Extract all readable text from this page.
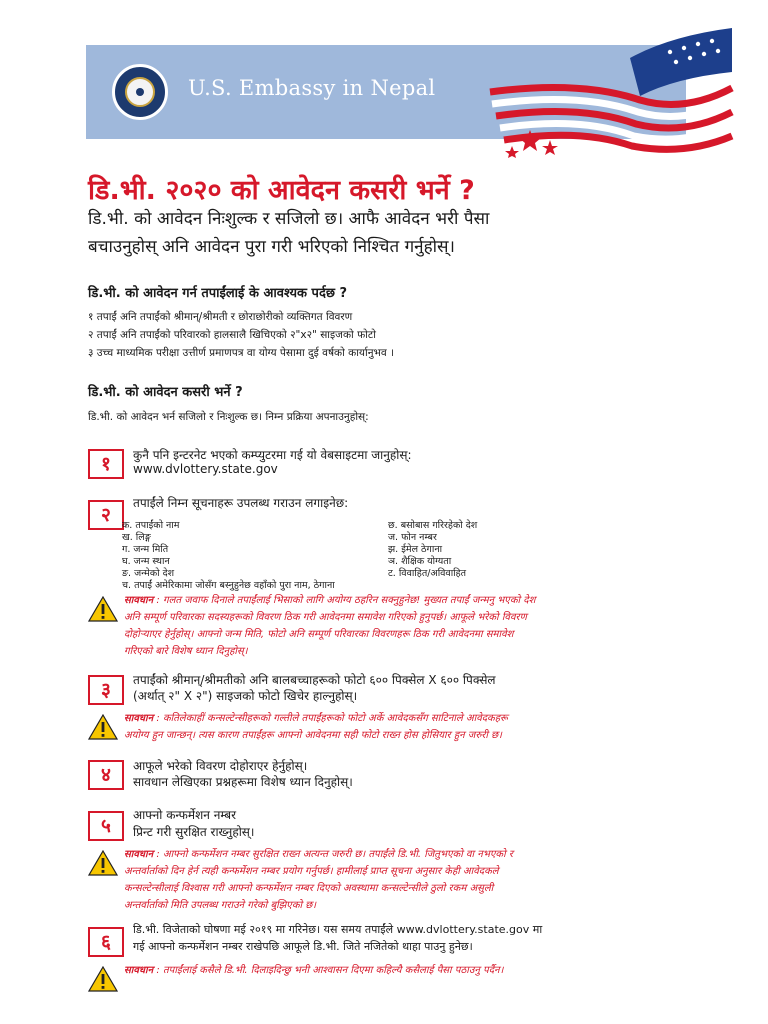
U.S. Embassy in Nepal
डि.भी. २०२० को आवेदन कसरी भर्ने ?
डि.भी. को आवेदन निःशुल्क र सजिलो छ। आफै आवेदन भरी पैसा
बचाउनुहोस् अनि आवेदन पुरा गरी भरिएको निश्चित गर्नुहोस्।
डि.भी. को आवेदन गर्न तपाईंलाई के आवश्यक पर्दछ ?
१ तपाईं अनि तपाईंको श्रीमान्/श्रीमती र छोराछोरीको व्यक्तिगत विवरण
२ तपाईं अनि तपाईंको परिवारको हालसालै खिचिएको २"x२" साइजको फोटो
३ उच्च माध्यमिक परीक्षा उत्तीर्ण प्रमाणपत्र वा योग्य पेसामा दुई वर्षको कार्यानुभव ।
डि.भी. को आवेदन कसरी भर्ने ?
डि.भी. को आवेदन भर्न सजिलो र निःशुल्क छ। निम्न प्रक्रिया अपनाउनुहोस्:
१	कुनै पनि इन्टरनेट भएको कम्प्युटरमा गई यो वेबसाइटमा जानुहोस्:
www.dvlottery.state.gov
२
तपाईंले निम्न सूचनाहरू उपलब्ध गराउन लगाइनेछ:
क. तपाईंको नाम
ख. लिङ्ग
ग. जन्म मिति
घ. जन्म स्थान
ङ. जन्मेको देश
च. तपाईं अमेरिकामा जोसँग बस्नुहुनेछ वहाँको पुरा नाम, ठेगाना
छ. बसोबास गरिरहेको देश
ज. फोन नम्बर
झ. ईमेल ठेगाना
ञ. शैक्षिक योग्यता
ट. विवाहित/अविवाहित
सावधान : गलत जवाफ दिनाले तपाईंलाई भिसाको लागि अयोग्य ठहरिन सक्नुहुनेछ! मुख्यत तपाईं जन्मनु भएको देश
अनि सम्पूर्ण परिवारका सदस्यहरूको विवरण ठिक गरी आवेदनमा समावेश गरिएको हुनुपर्छ। आफूले भरेको विवरण
दोहोऱ्याएर हेर्नुहोस्। आफ्नो जन्म मिति, फोटो अनि सम्पूर्ण परिवारका विवरणहरू ठिक गरी आवेदनमा समावेश
गरिएको बारे विशेष ध्यान दिनुहोस्।
३	तपाईंको श्रीमान्/श्रीमतीको अनि बालबच्चाहरूको फोटो ६०० पिक्सेल X ६०० पिक्सेल
(अर्थात् २" X २") साइजको फोटो खिचेर हाल्नुहोस्।
सावधान : कतिलेकाहीं कन्सल्टेन्सीहरूको गल्तीले तपाईंहरूको फोटो अर्के आवेदकसँग साटिनाले आवेदकहरू
अयोग्य हुन जान्छन्। त्यस कारण तपाईंहरू आफ्नो आवेदनमा सही फोटो राख्न होस होसियार हुन जरुरी छ।
४	आफूले भरेको विवरण दोहोराएर हेर्नुहोस्।
सावधान लेखिएका प्रश्नहरूमा विशेष ध्यान दिनुहोस्।
५	आफ्नो कन्फर्मेशन नम्बर
प्रिन्ट गरी सुरक्षित राख्नुहोस्।
सावधान : आफ्नो कन्फर्मेशन नम्बर सुरक्षित राख्न अत्यन्त जरुरी छ। तपाईंले डि.भी. जितुभएको वा नभएको र
अन्तर्वार्ताको दिन हेर्न त्यही कन्फर्मेशन नम्बर प्रयोग गर्नुपर्छ। हामीलाई प्राप्त सूचना अनुसार केही आवेदकले
कन्सल्टेन्सीलाई विश्वास गरी आफ्नो कन्फर्मेशन नम्बर दिएको अवस्थामा कन्सल्टेन्सीले ठुलो रकम असुली
अन्तर्वार्ताको मिति उपलब्ध गराउने गरेको बुझिएको छ।
६
डि.भी. विजेताको घोषणा मई २०१९ मा गरिनेछ। यस समय तपाईंले www.dvlottery.state.gov मा
गई आफ्नो कन्फर्मेशन नम्बर राखेपछि आफूले डि.भी. जिते नजितेको थाहा पाउनु हुनेछ।
सावधान : तपाईंलाई कसैले डि.भी. दिलाइदिन्छु भनी आश्वासन दिएमा कहिल्यै कसैलाई पैसा पठाउनु पर्दैन।
